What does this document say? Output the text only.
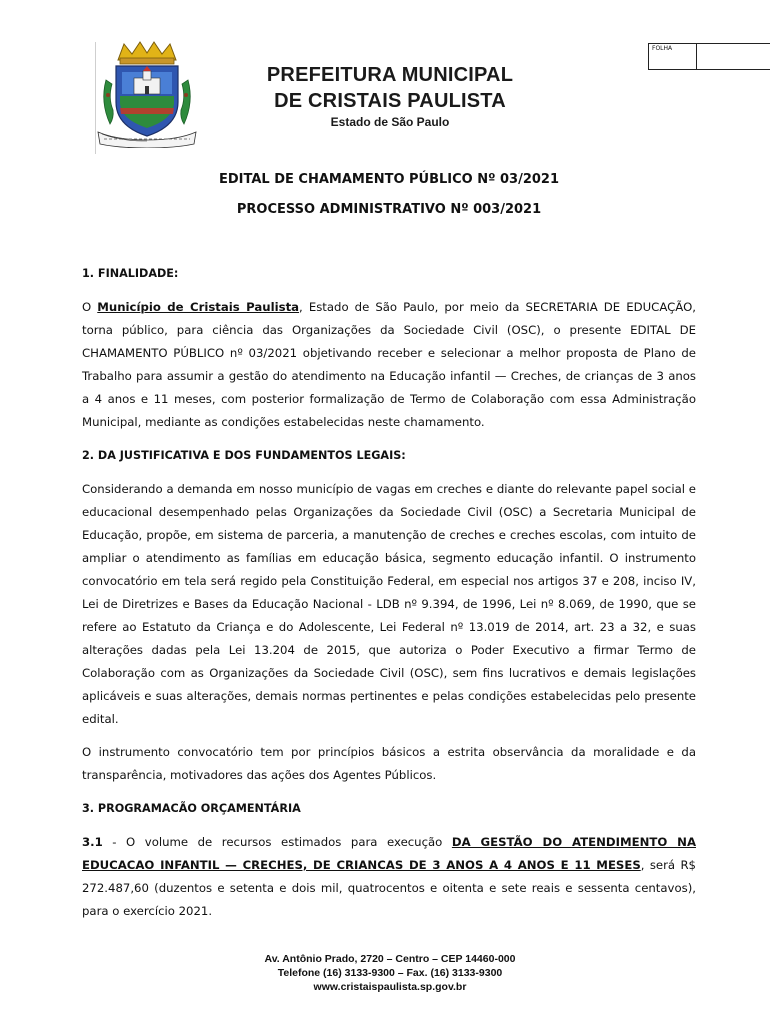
FOLHA
PREFEITURA MUNICIPAL
DE CRISTAIS PAULISTA
Estado de São Paulo
EDITAL DE CHAMAMENTO PÚBLICO Nº 03/2021
PROCESSO ADMINISTRATIVO Nº 003/2021
1. FINALIDADE:

O Município de Cristais Paulista, Estado de São Paulo, por meio da SECRETARIA DE EDUCAÇÃO, torna público, para ciência das Organizações da Sociedade Civil (OSC), o presente EDITAL DE CHAMAMENTO PÚBLICO nº 03/2021 objetivando receber e selecionar a melhor proposta de Plano de Trabalho para assumir a gestão do atendimento na Educação infantil — Creches, de crianças de 3 anos a 4 anos e 11 meses, com posterior formalização de Termo de Colaboração com essa Administração Municipal, mediante as condições estabelecidas neste chamamento.

2. DA JUSTIFICATIVA E DOS FUNDAMENTOS LEGAIS:

Considerando a demanda em nosso município de vagas em creches e diante do relevante papel social e educacional desempenhado pelas Organizações da Sociedade Civil (OSC) a Secretaria Municipal de Educação, propõe, em sistema de parceria, a manutenção de creches e creches escolas, com intuito de ampliar o atendimento as famílias em educação básica, segmento educação infantil. O instrumento convocatório em tela será regido pela Constituição Federal, em especial nos artigos 37 e 208, inciso IV, Lei de Diretrizes e Bases da Educação Nacional - LDB nº 9.394, de 1996, Lei nº 8.069, de 1990, que se refere ao Estatuto da Criança e do Adolescente, Lei Federal nº 13.019 de 2014, art. 23 a 32, e suas alterações dadas pela Lei 13.204 de 2015, que autoriza o Poder Executivo a firmar Termo de Colaboração com as Organizações da Sociedade Civil (OSC), sem fins lucrativos e demais legislações aplicáveis e suas alterações, demais normas pertinentes e pelas condições estabelecidas pelo presente edital.

O instrumento convocatório tem por princípios básicos a estrita observância da moralidade e da transparência, motivadores das ações dos Agentes Públicos.

3. PROGRAMACÃO ORÇAMENTÁRIA

3.1 - O volume de recursos estimados para execução DA GESTÃO DO ATENDIMENTO NA EDUCACAO INFANTIL — CRECHES, DE CRIANCAS DE 3 ANOS A 4 ANOS E 11 MESES, será R$ 272.487,60 (duzentos e setenta e dois mil, quatrocentos e oitenta e sete reais e sessenta centavos), para o exercício 2021.

Av. Antônio Prado, 2720 – Centro – CEP 14460-000
Telefone (16) 3133-9300 – Fax. (16) 3133-9300
www.cristaispaulista.sp.gov.br
